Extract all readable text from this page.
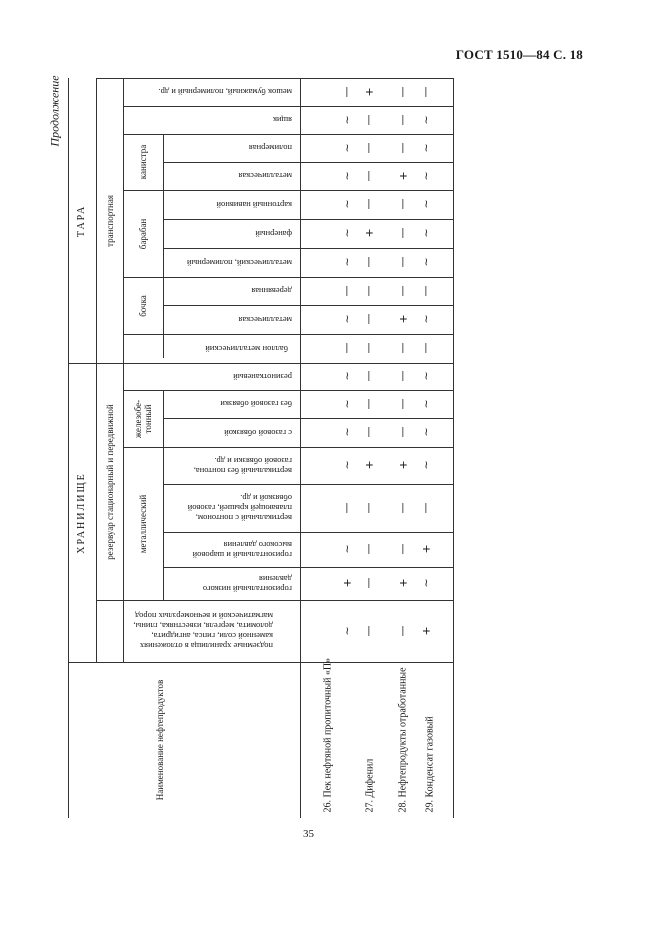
ГОСТ 1510—84 С. 18
Продолжение
35
ТАРА
ХРАНИЛИЩЕ
транспортная
резервуар стационарный и передвижной
канистра
барабан
бочка
железобе-тонный
металлический
подземные хранилища в отложениях каменной соли, гипса, ангидрита, доломита, мергеля, известняка, глины, магматической и вечномерзлых пород
горизонтальный низкого давления
горизонтальный и шаровой высокого давления
вертикальный с понтоном, плавающей крышей, газовой обвязкой и др.
вертикальный без понтона, газовой обвязки и др.
с газовой обвязкой
без газовой обвязки
резинотканевый
баллон металлический
металлическая
деревянная
металлический, полимерный
фанерный
картонный навивной
металлическая
полимерная
ящик
мешок бумажный, полимерный и др.
Наименование нефтепродуктов	26. Пек нефтяной пропиточный «П»	27. Дифенил 28. Нефтепродукты отработанные 29. Конденсат газовый
~
+
~
—
~
~
~
~
—
~
—
~
~
~
~
~
~
—
—
—
—
—
+
—
—
—
—
—
—
—
+
—
—
—
—
+
—
+
—
—
+
—
—
—
—
+
—
—
—
—
+
—
—
—
+
~
+
—
~
~
~
~
—
~
—
~
~
~
~
~
~
—
